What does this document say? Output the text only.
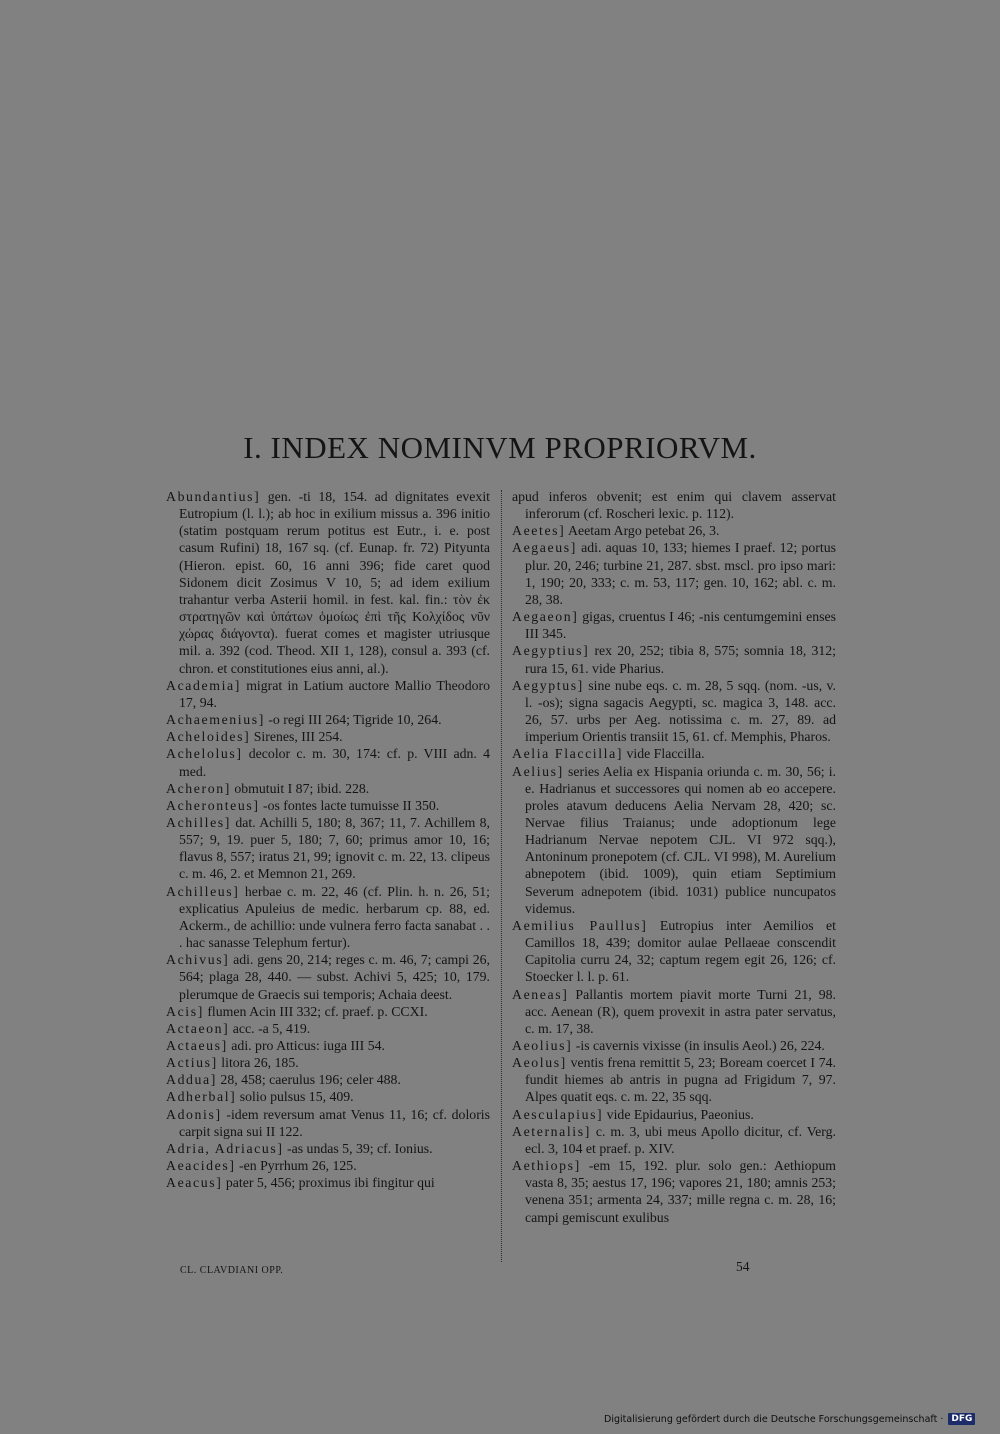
I. INDEX NOMINVM PROPRIORVM.

Abundantius] gen. -ti 18, 154. ad dignitates evexit Eutropium (l. l.); ab hoc in exilium missus a. 396 initio (statim postquam rerum potitus est Eutr., i. e. post casum Rufini) 18, 167 sq. (cf. Eunap. fr. 72) Pityunta (Hieron. epist. 60, 16 anni 396; fide caret quod Sidonem dicit Zosimus V 10, 5; ad idem exilium trahantur verba Asterii homil. in fest. kal. fin.: τὸν ἐκ στρατηγῶν καὶ ὑπάτων ὁμοίως ἐπὶ τῆς Κολχίδος νῦν χώρας διάγοντα). fuerat comes et magister utriusque mil. a. 392 (cod. Theod. XII 1, 128), consul a. 393 (cf. chron. et constitutiones eius anni, al.).

Academia] migrat in Latium auctore Mallio Theodoro 17, 94.

Achaemenius] -o regi III 264; Tigride 10, 264.

Acheloides] Sirenes, III 254.

Achelolus] decolor c. m. 30, 174: cf. p. VIII adn. 4 med.

Acheron] obmutuit I 87; ibid. 228.

Acheronteus] -os fontes lacte tumuisse II 350.

Achilles] dat. Achilli 5, 180; 8, 367; 11, 7. Achillem 8, 557; 9, 19. puer 5, 180; 7, 60; primus amor 10, 16; flavus 8, 557; iratus 21, 99; ignovit c. m. 22, 13. clipeus c. m. 46, 2. et Memnon 21, 269.

Achilleus] herbae c. m. 22, 46 (cf. Plin. h. n. 26, 51; explicatius Apuleius de medic. herbarum cp. 88, ed. Ackerm., de achillio: unde vulnera ferro facta sanabat . . . hac sanasse Telephum fertur).

Achivus] adi. gens 20, 214; reges c. m. 46, 7; campi 26, 564; plaga 28, 440. — subst. Achivi 5, 425; 10, 179. plerumque de Graecis sui temporis; Achaia deest.

Acis] flumen Acin III 332; cf. praef. p. CCXI.

Actaeon] acc. -a 5, 419.

Actaeus] adi. pro Atticus: iuga III 54.

Actius] litora 26, 185.

Addua] 28, 458; caerulus 196; celer 488.

Adherbal] solio pulsus 15, 409.

Adonis] -idem reversum amat Venus 11, 16; cf. doloris carpit signa sui II 122.

Adria, Adriacus] -as undas 5, 39; cf. Ionius.

Aeacides] -en Pyrrhum 26, 125.

Aeacus] pater 5, 456; proximus ibi fingitur qui

apud inferos obvenit; est enim qui clavem asservat inferorum (cf. Roscheri lexic. p. 112).

Aeetes] Aeetam Argo petebat 26, 3.

Aegaeus] adi. aquas 10, 133; hiemes I praef. 12; portus plur. 20, 246; turbine 21, 287. sbst. mscl. pro ipso mari: 1, 190; 20, 333; c. m. 53, 117; gen. 10, 162; abl. c. m. 28, 38.

Aegaeon] gigas, cruentus I 46; -nis centumgemini enses III 345.

Aegyptius] rex 20, 252; tibia 8, 575; somnia 18, 312; rura 15, 61. vide Pharius.

Aegyptus] sine nube eqs. c. m. 28, 5 sqq. (nom. -us, v. l. -os); signa sagacis Aegypti, sc. magica 3, 148. acc. 26, 57. urbs per Aeg. notissima c. m. 27, 89. ad imperium Orientis transiit 15, 61. cf. Memphis, Pharos.

Aelia Flaccilla] vide Flaccilla.

Aelius] series Aelia ex Hispania oriunda c. m. 30, 56; i. e. Hadrianus et successores qui nomen ab eo accepere. proles atavum deducens Aelia Nervam 28, 420; sc. Nervae filius Traianus; unde adoptionum lege Hadrianum Nervae nepotem CJL. VI 972 sqq.), Antoninum pronepotem (cf. CJL. VI 998), M. Aurelium abnepotem (ibid. 1009), quin etiam Septimium Severum adnepotem (ibid. 1031) publice nuncupatos videmus.

Aemilius Paullus] Eutropius inter Aemilios et Camillos 18, 439; domitor aulae Pellaeae conscendit Capitolia curru 24, 32; captum regem egit 26, 126; cf. Stoecker l. l. p. 61.

Aeneas] Pallantis mortem piavit morte Turni 21, 98. acc. Aenean (R), quem provexit in astra pater servatus, c. m. 17, 38.

Aeolius] -is cavernis vixisse (in insulis Aeol.) 26, 224.

Aeolus] ventis frena remittit 5, 23; Boream coercet I 74. fundit hiemes ab antris in pugna ad Frigidum 7, 97. Alpes quatit eqs. c. m. 22, 35 sqq.

Aesculapius] vide Epidaurius, Paeonius.

Aeternalis] c. m. 3, ubi meus Apollo dicitur, cf. Verg. ecl. 3, 104 et praef. p. XIV.

Aethiops] -em 15, 192. plur. solo gen.: Aethiopum vasta 8, 35; aestus 17, 196; vapores 21, 180; amnis 253; venena 351; armenta 24, 337; mille regna c. m. 28, 16; campi gemiscunt exulibus

CL. CLAVDIANI OPP.	54
Digitalisierung gefördert durch die Deutsche Forschungsgemeinschaft · DFG
